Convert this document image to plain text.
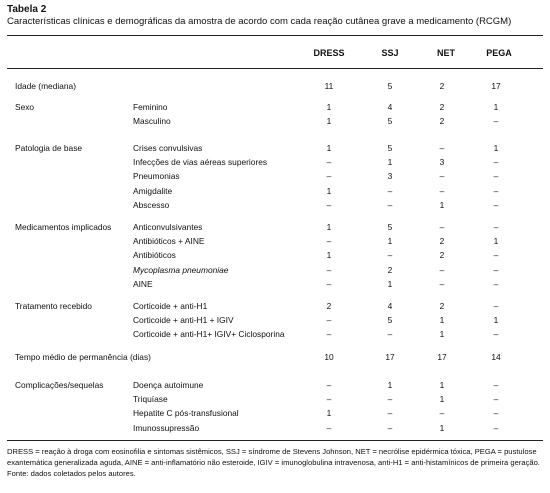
Tabela 2
Características clínicas e demográficas da amostra de acordo com cada reação cutânea grave a medicamento (RCGM)
DRESS	SSJ	NET	PEGA
Idade (mediana)	11	5	2	17
Sexo	Feminino	1	4	2	1
Masculino	1	5	2	–
Patologia de base	Crises convulsivas	1	5	–	1
Infecções de vias aéreas superiores	–	1	3	–
Pneumonias	–	3	–	–
Amigdalite	1	–	–	–
Abscesso	–	–	1	–
Medicamentos implicados	Anticonvulsivantes	1	5	–	–
Antibióticos + AINE	–	1	2	1
Antibióticos	1	–	2	–
Mycoplasma pneumoniae	–	2	–	–
AINE	–	1	–	–
Tratamento recebido	Corticoide + anti-H1	2	4	2	–
Corticoide + anti-H1 + IGIV	–	5	1	1
Corticoide + anti-H1+ IGIV+ Ciclosporina	–	–	1	–
Tempo médio de permanência (dias)	10	17	17	14
Complicações/sequelas	Doença autoimune	–	1	1	–
Triquíase	–	–	1	–
Hepatite C pós-transfusional	1	–	–	–
Imunossupressão	–	–	1	–
DRESS = reação à droga com eosinofilia e sintomas sistêmicos, SSJ = síndrome de Stevens Johnson, NET = necrólise epidérmica tóxica, PEGA = pustulose exantemática generalizada aguda, AINE = anti-inflamatório não esteroide, IGIV = imunoglobulina intravenosa, anti-H1 = anti-histamínicos de primeira geração.
Fonte: dados coletados pelos autores.
